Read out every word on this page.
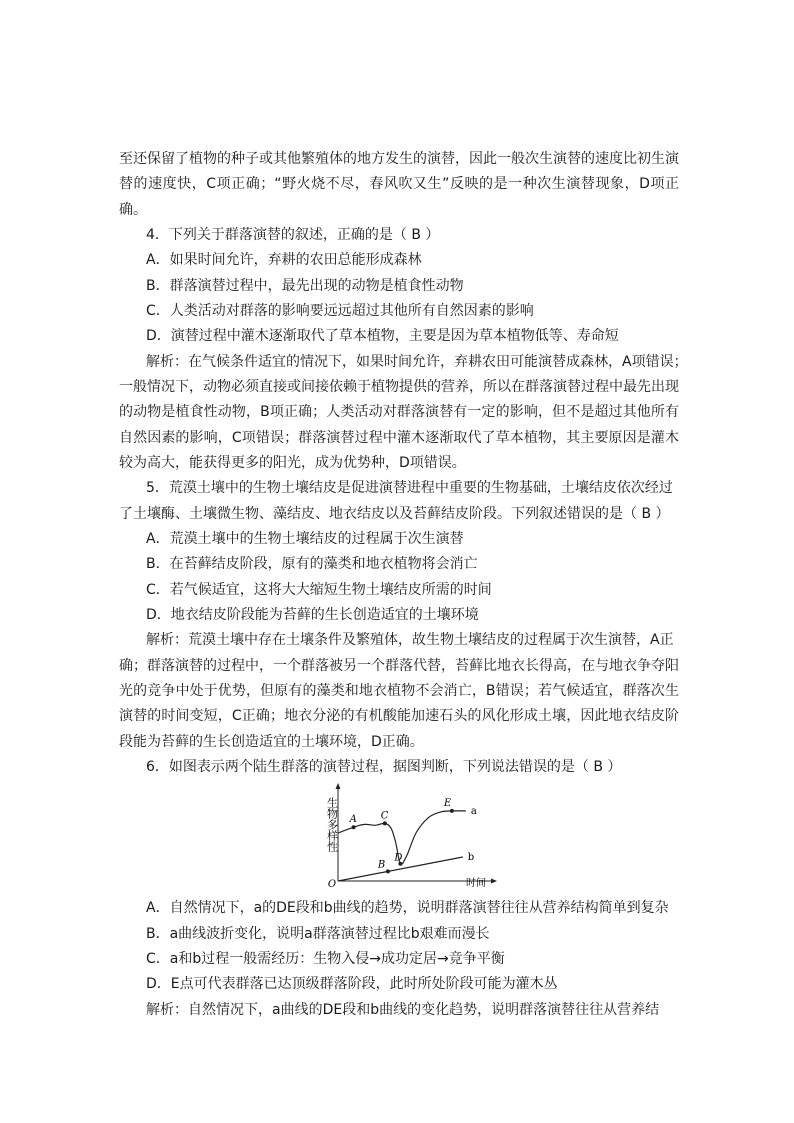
至还保留了植物的种子或其他繁殖体的地方发生的演替，因此一般次生演替的速度比初生演
替的速度快，C项正确；“野火烧不尽，春风吹又生”反映的是一种次生演替现象，D项正
确。
4．下列关于群落演替的叙述，正确的是（ B ）
A．如果时间允许，弃耕的农田总能形成森林
B．群落演替过程中，最先出现的动物是植食性动物
C．人类活动对群落的影响要远远超过其他所有自然因素的影响
D．演替过程中灌木逐渐取代了草本植物，主要是因为草本植物低等、寿命短
解析：在气候条件适宜的情况下，如果时间允许，弃耕农田可能演替成森林，A项错误；
一般情况下，动物必须直接或间接依赖于植物提供的营养，所以在群落演替过程中最先出现
的动物是植食性动物，B项正确；人类活动对群落演替有一定的影响，但不是超过其他所有
自然因素的影响，C项错误；群落演替过程中灌木逐渐取代了草本植物，其主要原因是灌木
较为高大，能获得更多的阳光，成为优势种，D项错误。
5．荒漠土壤中的生物土壤结皮是促进演替进程中重要的生物基础，土壤结皮依次经过
了土壤酶、土壤微生物、藻结皮、地衣结皮以及苔藓结皮阶段。下列叙述错误的是（ B ）
A．荒漠土壤中的生物土壤结皮的过程属于次生演替
B．在苔藓结皮阶段，原有的藻类和地衣植物将会消亡
C．若气候适宜，这将大大缩短生物土壤结皮所需的时间
D．地衣结皮阶段能为苔藓的生长创造适宜的土壤环境
解析：荒漠土壤中存在土壤条件及繁殖体，故生物土壤结皮的过程属于次生演替，A正
确；群落演替的过程中，一个群落被另一个群落代替，苔藓比地衣长得高，在与地衣争夺阳
光的竞争中处于优势，但原有的藻类和地衣植物不会消亡，B错误；若气候适宜，群落次生
演替的时间变短，C正确；地衣分泌的有机酸能加速石头的风化形成土壤，因此地衣结皮阶
段能为苔藓的生长创造适宜的土壤环境，D正确。
6．如图表示两个陆生群落的演替过程，据图判断，下列说法错误的是（ B ）
生物多样性
时间
O
a
b
A C
D
E
B
A．自然情况下，a的DE段和b曲线的趋势，说明群落演替往往从营养结构简单到复杂
B．a曲线波折变化，说明a群落演替过程比b艰难而漫长
C．a和b过程一般需经历：生物入侵→成功定居→竞争平衡
D．E点可代表群落已达顶级群落阶段，此时所处阶段可能为灌木丛
解析：自然情况下，a曲线的DE段和b曲线的变化趋势，说明群落演替往往从营养结
